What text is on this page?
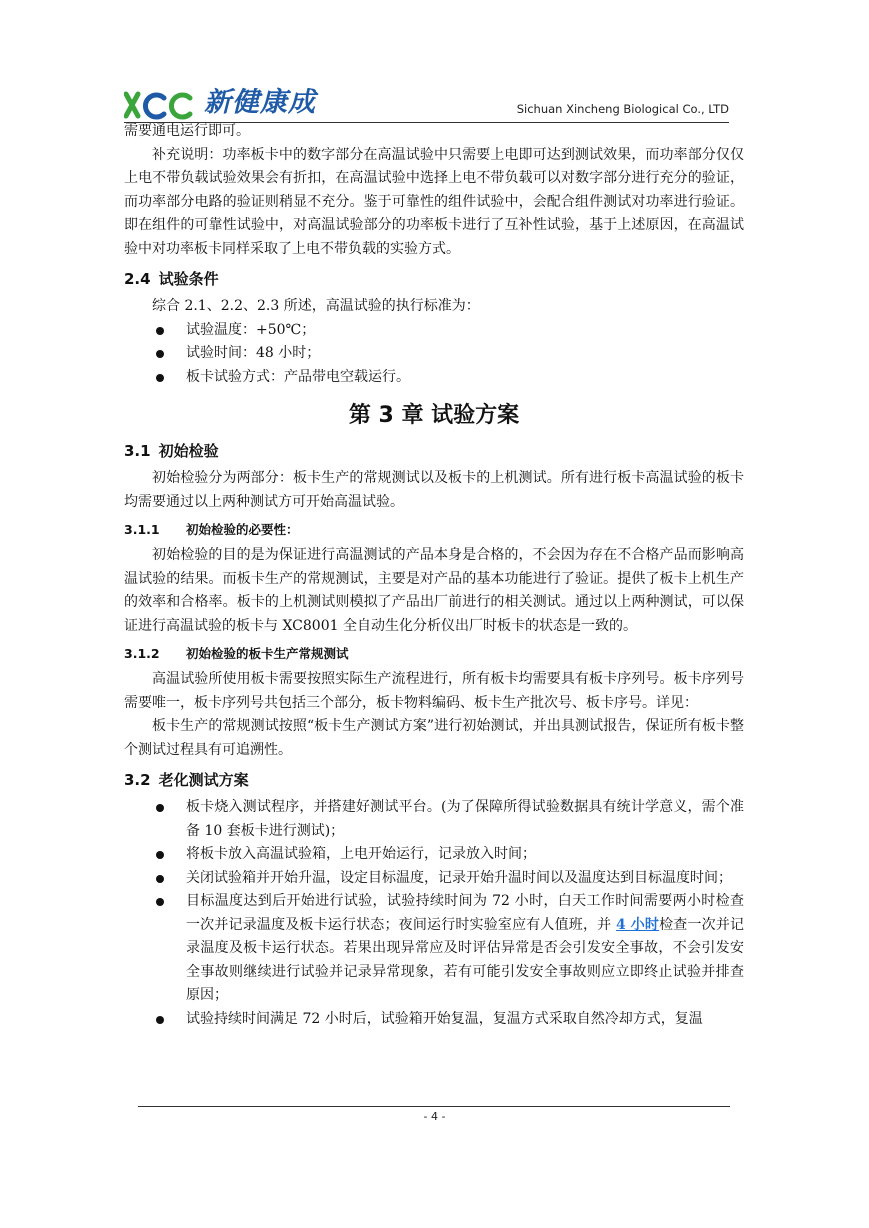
新健康成	Sichuan Xincheng Biological Co., LTD

需要通电运行即可。

补充说明：功率板卡中的数字部分在高温试验中只需要上电即可达到测试效果，而功率部分仅仅上电不带负载试验效果会有折扣，在高温试验中选择上电不带负载可以对数字部分进行充分的验证，而功率部分电路的验证则稍显不充分。鉴于可靠性的组件试验中，会配合组件测试对功率进行验证。即在组件的可靠性试验中，对高温试验部分的功率板卡进行了互补性试验，基于上述原因，在高温试验中对功率板卡同样采取了上电不带负载的实验方式。

2.4 试验条件

综合 2.1、2.2、2.3 所述，高温试验的执行标准为：

试验温度：+50℃；
试验时间：48 小时；
板卡试验方式：产品带电空载运行。
第 3 章 试验方案
3.1 初始检验

初始检验分为两部分：板卡生产的常规测试以及板卡的上机测试。所有进行板卡高温试验的板卡均需要通过以上两种测试方可开始高温试验。

3.1.1	初始检验的必要性：

初始检验的目的是为保证进行高温测试的产品本身是合格的，不会因为存在不合格产品而影响高温试验的结果。而板卡生产的常规测试，主要是对产品的基本功能进行了验证。提供了板卡上机生产的效率和合格率。板卡的上机测试则模拟了产品出厂前进行的相关测试。通过以上两种测试，可以保证进行高温试验的板卡与 XC8001 全自动生化分析仪出厂时板卡的状态是一致的。

3.1.2	初始检验的板卡生产常规测试

高温试验所使用板卡需要按照实际生产流程进行，所有板卡均需要具有板卡序列号。板卡序列号需要唯一，板卡序列号共包括三个部分，板卡物料编码、板卡生产批次号、板卡序号。详见：

板卡生产的常规测试按照“板卡生产测试方案”进行初始测试，并出具测试报告，保证所有板卡整个测试过程具有可追溯性。

3.2 老化测试方案
板卡烧入测试程序，并搭建好测试平台。(为了保障所得试验数据具有统计学意义，需个准备 10 套板卡进行测试)；
将板卡放入高温试验箱，上电开始运行，记录放入时间；
关闭试验箱并开始升温，设定目标温度，记录开始升温时间以及温度达到目标温度时间；
目标温度达到后开始进行试验，试验持续时间为 72 小时，白天工作时间需要两小时检查一次并记录温度及板卡运行状态；夜间运行时实验室应有人值班，并 4 小时检查一次并记录温度及板卡运行状态。若果出现异常应及时评估异常是否会引发安全事故，不会引发安全事故则继续进行试验并记录异常现象，若有可能引发安全事故则应立即终止试验并排查原因；
试验持续时间满足 72 小时后，试验箱开始复温，复温方式采取自然冷却方式，复温
- 4 -
